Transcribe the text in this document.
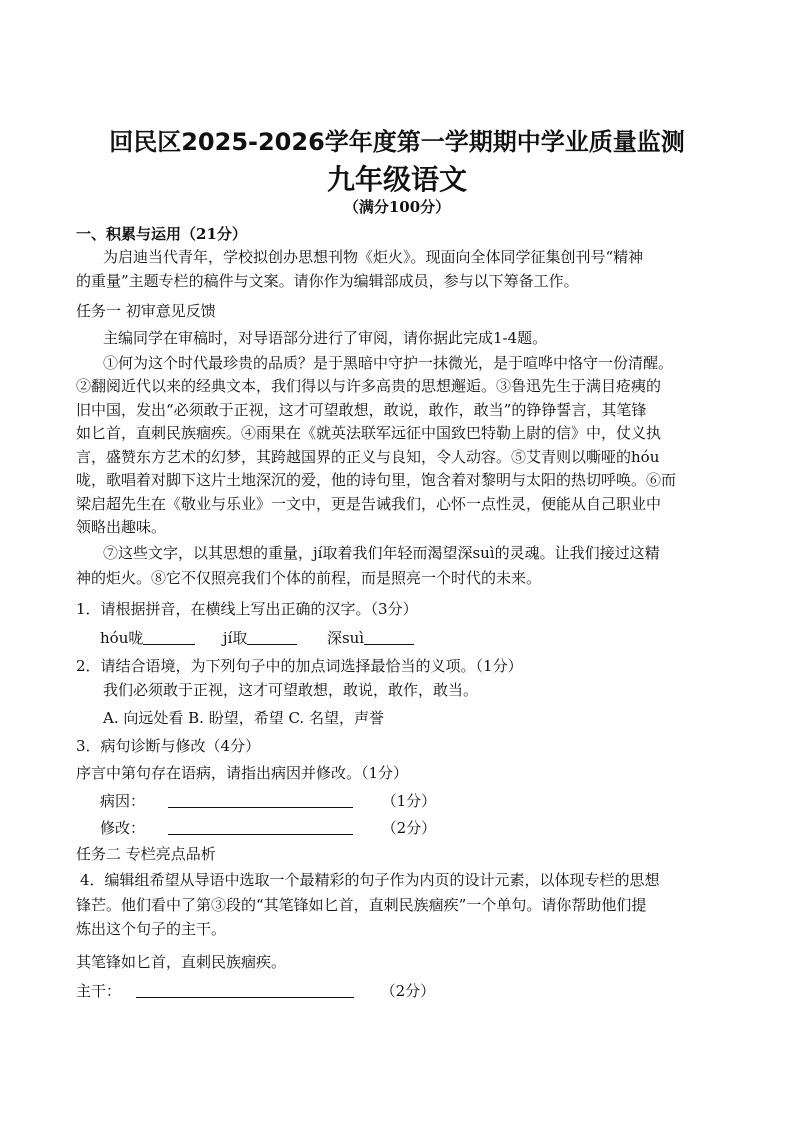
回民区2025-2026学年度第一学期期中学业质量监测
九年级语文
（满分100分）
一、积累与运用（21分）
为启迪当代青年，学校拟创办思想刊物《炬火》。现面向全体同学征集创刊号“精神
的重量”主题专栏的稿件与文案。请你作为编辑部成员，参与以下筹备工作。
任务一 初审意见反馈
主编同学在审稿时，对导语部分进行了审阅，请你据此完成1-4题。
①何为这个时代最珍贵的品质？是于黑暗中守护一抹微光，是于喧哗中恪守一份清醒。
②翻阅近代以来的经典文本，我们得以与许多高贵的思想邂逅。③鲁迅先生于满目疮痍的
旧中国，发出“必须敢于正视，这才可望敢想，敢说，敢作，敢当”的铮铮誓言，其笔锋
如匕首，直刺民族痼疾。④雨果在《就英法联军远征中国致巴特勒上尉的信》中，仗义执
言，盛赞东方艺术的幻梦，其跨越国界的正义与良知，令人动容。⑤艾青则以嘶哑的hóu
咙，歌唱着对脚下这片土地深沉的爱，他的诗句里，饱含着对黎明与太阳的热切呼唤。⑥而
梁启超先生在《敬业与乐业》一文中，更是告诫我们，心怀一点性灵，便能从自己职业中
领略出趣味。
⑦这些文字，以其思想的重量，jí取着我们年轻而渴望深suì的灵魂。让我们接过这精
神的炬火。⑧它不仅照亮我们个体的前程，而是照亮一个时代的未来。
1．请根据拼音，在横线上写出正确的汉字。（3分）
hóu咙	jí取	深suì
2．请结合语境，为下列句子中的加点词选择最恰当的义项。（1分）
我们必须敢于正视，这才可望敢想，敢说，敢作，敢当。
A. 向远处看 B. 盼望，希望 C. 名望，声誉
3．病句诊断与修改（4分）
序言中第句存在语病，请指出病因并修改。（1分）
病因：	（1分）
修改：	（2分）
任务二 专栏亮点品析
4．编辑组希望从导语中选取一个最精彩的句子作为内页的设计元素，以体现专栏的思想
锋芒。他们看中了第③段的“其笔锋如匕首，直刺民族痼疾”一个单句。请你帮助他们提
炼出这个句子的主干。
其笔锋如匕首，直刺民族痼疾。
主干：	（2分）
